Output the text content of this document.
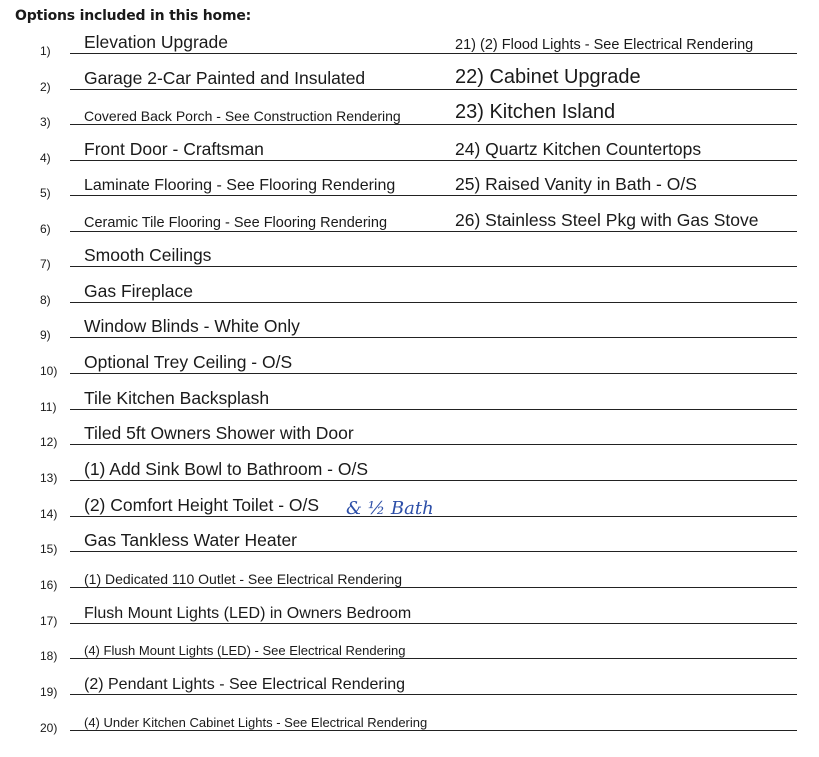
Options included in this home:
1) Elevation Upgrade	21) (2) Flood Lights - See Electrical Rendering
2) Garage 2-Car Painted and Insulated	22) Cabinet Upgrade
3) Covered Back Porch - See Construction Rendering	23) Kitchen Island
4) Front Door - Craftsman	24) Quartz Kitchen Countertops
5) Laminate Flooring - See Flooring Rendering	25) Raised Vanity in Bath - O/S
6) Ceramic Tile Flooring - See Flooring Rendering	26) Stainless Steel Pkg with Gas Stove
7) Smooth Ceilings
8) Gas Fireplace
9) Window Blinds - White Only
10) Optional Trey Ceiling - O/S
11) Tile Kitchen Backsplash
12) Tiled 5ft Owners Shower with Door
13) (1) Add Sink Bowl to Bathroom - O/S
14) (2) Comfort Height Toilet - O/S & ½ Bath
15) Gas Tankless Water Heater
16) (1) Dedicated 110 Outlet - See Electrical Rendering
17) Flush Mount Lights (LED) in Owners Bedroom
18) (4) Flush Mount Lights (LED) - See Electrical Rendering
19) (2) Pendant Lights - See Electrical Rendering
20) (4) Under Kitchen Cabinet Lights - See Electrical Rendering
